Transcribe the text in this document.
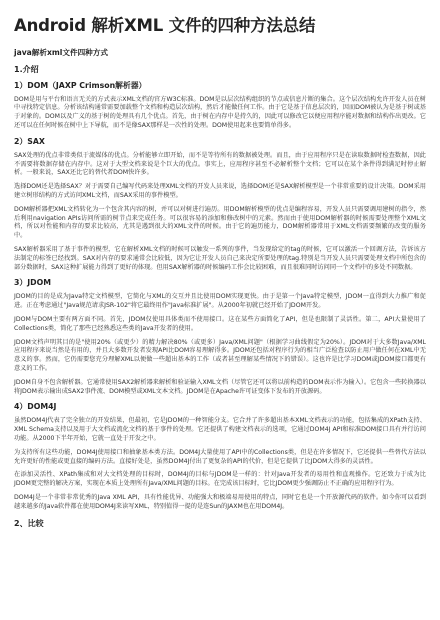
Android 解析XML 文件的四种方法总结
java解析xml文件四种方式
1.介绍
1）DOM（JAXP Crimson解析器）
DOM是用与平台和语言无关的方式表示XML文档的官方W3C标准。DOM是以层次结构组织的节点或信息片断的集合。这个层次结构允许开发人员在树中寻找特定信息。分析该结构通常需要加载整个文档和构造层次结构，然后才能做任何工作。由于它是基于信息层次的，因而DOM被认为是基于树或基于对象的。DOM以及广义的基于树的处理具有几个优点。首先，由于树在内存中是持久的，因此可以修改它以便应用程序能对数据和结构作出更改。它还可以在任何时候在树中上下导航，而不是像SAX那样是一次性的处理。DOM使用起来也要简单得多。
2）SAX
SAX处理的优点非常类似于流媒体的优点。分析能够立即开始，而不是等待所有的数据被处理。而且，由于应用程序只是在读取数据时检查数据，因此不需要将数据存储在内存中。这对于大型文档来说是个巨大的优点。事实上，应用程序甚至不必解析整个文档；它可以在某个条件得到满足时停止解析。一般来说，SAX还比它的替代者DOM快许多。
选择DOM还是选择SAX？对于需要自己编写代码来处理XML文档的开发人员来说，选择DOM还是SAX解析模型是一个非常重要的设计决策。DOM采用建立树形结构的方式访问XML文档，而SAX采用的事件模型。
DOM解析器把XML文档转化为一个包含其内容的树，并可以对树进行遍历。用DOM解析模型的优点是编程容易，开发人员只需要调用建树的指令，然后利用navigation APIs访问所需的树节点来完成任务。可以很容易的添加和修改树中的元素。然而由于使用DOM解析器的时候需要处理整个XML文档，所以对性能和内存的要求比较高，尤其是遇到很大的XML文件的时候。由于它的遍历能力，DOM解析器常用于XML文档需要频繁的改变的服务中。
SAX解析器采用了基于事件的模型，它在解析XML文档的时候可以触发一系列的事件，当发现给定的tag的时候，它可以激活一个回调方法，告诉该方法制定的标签已经找到。SAX对内存的要求通常会比较低，因为它让开发人员自己来决定所要处理的tag.特别是当开发人员只需要处理文档中所包含的部分数据时，SAX这种扩展能力得到了更好的体现。但用SAX解析器的时候编码工作会比较困难，而且很难同时访问同一个文档中的多处不同数据。
3）JDOM
JDOM的目的是成为Java特定文档模型，它简化与XML的交互并且比使用DOM实现更快。由于是第一个Java特定模型，JDOM一直得到大力推广和促进。正在考虑通过"Java规范请求JSR-102"将它最终用作"Java标准扩展"。从2000年初就已经开始了JDOM开发。
JDOM与DOM主要有两方面不同。首先，JDOM仅使用具体类而不使用接口。这在某些方面简化了API，但是也限制了灵活性。第二，API大量使用了Collections类，简化了那些已经熟悉这些类的Java开发者的使用。
JDOM文档声明其目的是"使用20%（或更少）的精力解决80%（或更多）Java/XML问题"（根据学习曲线假定为20%）。JDOM对于大多数Java/XML应用程序来说当然是有用的，并且大多数开发者发现API比DOM容易理解得多。JDOM还包括对程序行为的相当广泛检查以防止用户做任何在XML中无意义的事。然而，它仍需要您充分理解XML以便做一些超出基本的工作（或者甚至理解某些情况下的错误）。这也许是比学习DOM或JDOM接口都更有意义的工作。
JDOM自身不包含解析器。它通常使用SAX2解析器来解析和验证输入XML文档（尽管它还可以将以前构造的DOM表示作为输入）。它包含一些转换器以将JDOM表示输出成SAX2事件流、DOM模型或XML文本文档。JDOM是在Apache许可证变体下发布的开放源码。
4）DOM4J
虽然DOM4J代表了完全独立的开发结果，但最初，它是JDOM的一种智能分支。它合并了许多超出基本XML文档表示的功能，包括集成的XPath支持、XML Schema支持以及用于大文档或流化文档的基于事件的处理。它还提供了构建文档表示的选项，它通过DOM4J API和标准DOM接口具有并行访问功能。从2000下半年开始，它就一直处于开发之中。
为支持所有这些功能，DOM4J使用接口和抽象基本类方法。DOM4J大量使用了API中的Collections类，但是在许多情况下，它还提供一些替代方法以允许更好的性能或更直接的编码方法。直接好处是，虽然DOM4J付出了更复杂的API的代价，但是它提供了比JDOM大得多的灵活性。
在添加灵活性、XPath集成和对大文档处理的目标时，DOM4J的目标与JDOM是一样的：针对Java开发者的易用性和直观操作。它还致力于成为比JDOM更完整的解决方案，实现在本质上处理所有Java/XML问题的目标。在完成该目标时，它比JDOM更少强调防止不正确的应用程序行为。
DOM4J是一个非常非常优秀的Java XML API，具有性能优异、功能强大和极端易用使用的特点，同时它也是一个开放源代码的软件。如今你可以看到越来越多的Java软件都在使用DOM4J来读写XML，特别值得一提的是连Sun的JAXM也在用DOM4J。
2、比较
